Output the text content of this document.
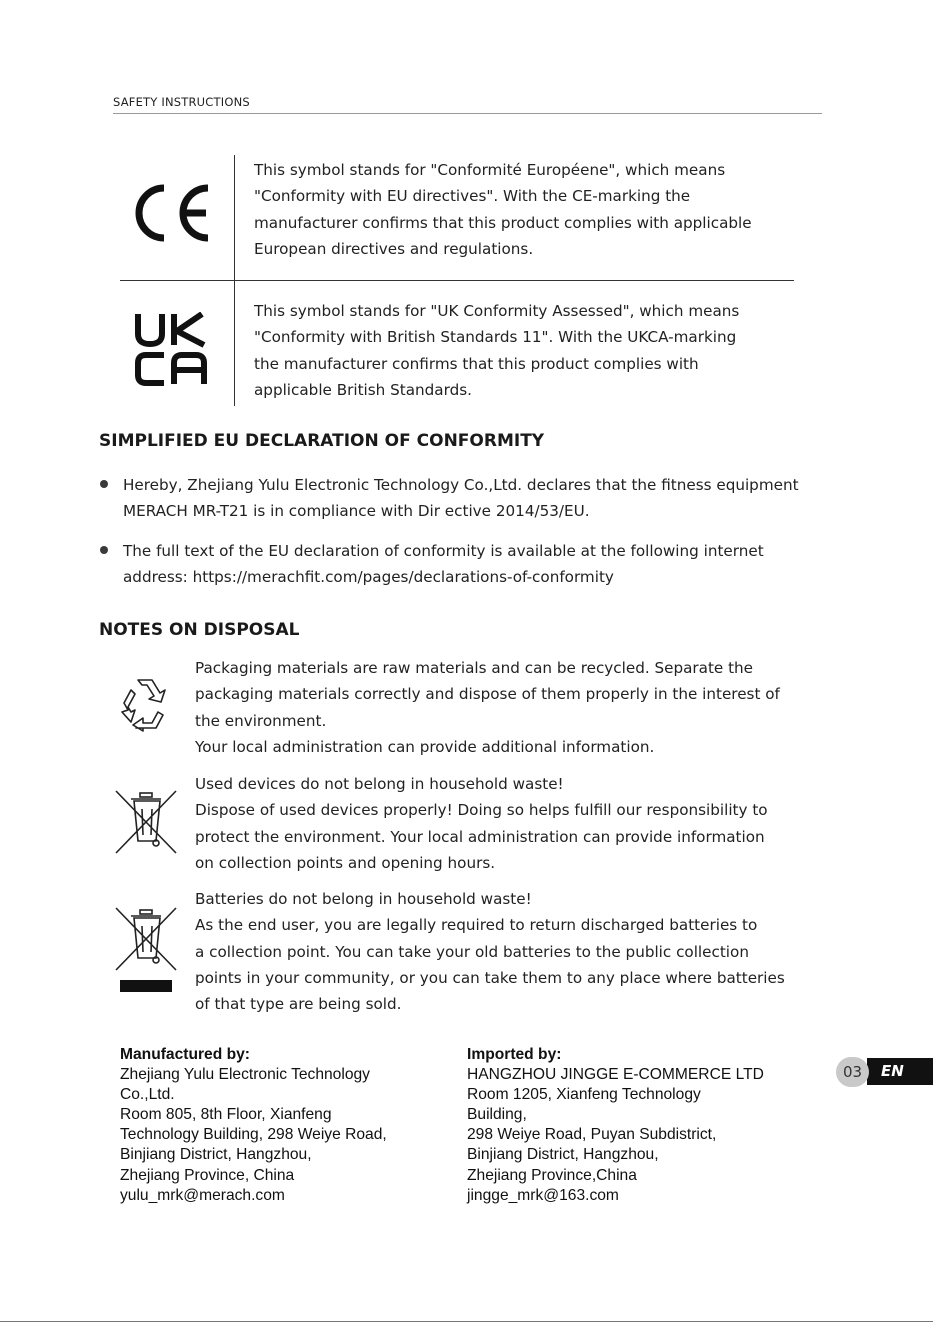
SAFETY INSTRUCTIONS

This symbol stands for "Conformité Européene", which means

"Conformity with EU directives". With the CE-marking the

manufacturer confirms that this product complies with applicable

European directives and regulations.

This symbol stands for "UK Conformity Assessed", which means

"Conformity with British Standards 11". With the UKCA-marking

the manufacturer confirms that this product complies with

applicable British Standards.

SIMPLIFIED EU DECLARATION OF CONFORMITY

Hereby, Zhejiang Yulu Electronic Technology Co.,Ltd. declares that the fitness equipment

MERACH MR-T21 is in compliance with Dir ective 2014/53/EU.

The full text of the EU declaration of conformity is available at the following internet

address: https://merachfit.com/pages/declarations-of-conformity

NOTES ON DISPOSAL

Packaging materials are raw materials and can be recycled. Separate the

packaging materials correctly and dispose of them properly in the interest of

the environment.

Your local administration can provide additional information.

Used devices do not belong in household waste!

Dispose of used devices properly! Doing so helps fulfill our responsibility to

protect the environment. Your local administration can provide information

on collection points and opening hours.

Batteries do not belong in household waste!

As the end user, you are legally required to return discharged batteries to

a collection point. You can take your old batteries to the public collection

points in your community, or you can take them to any place where batteries

of that type are being sold.

Manufactured by:

Zhejiang Yulu Electronic Technology

Co.,Ltd.

Room 805, 8th Floor, Xianfeng

Technology Building, 298 Weiye Road,

Binjiang District, Hangzhou,

Zhejiang Province, China

yulu_mrk@merach.com

Imported by:

HANGZHOU JINGGE E-COMMERCE LTD

Room 1205, Xianfeng Technology

Building,

298 Weiye Road, Puyan Subdistrict,

Binjiang District, Hangzhou,

Zhejiang Province,China

jingge_mrk@163.com

EN
03
